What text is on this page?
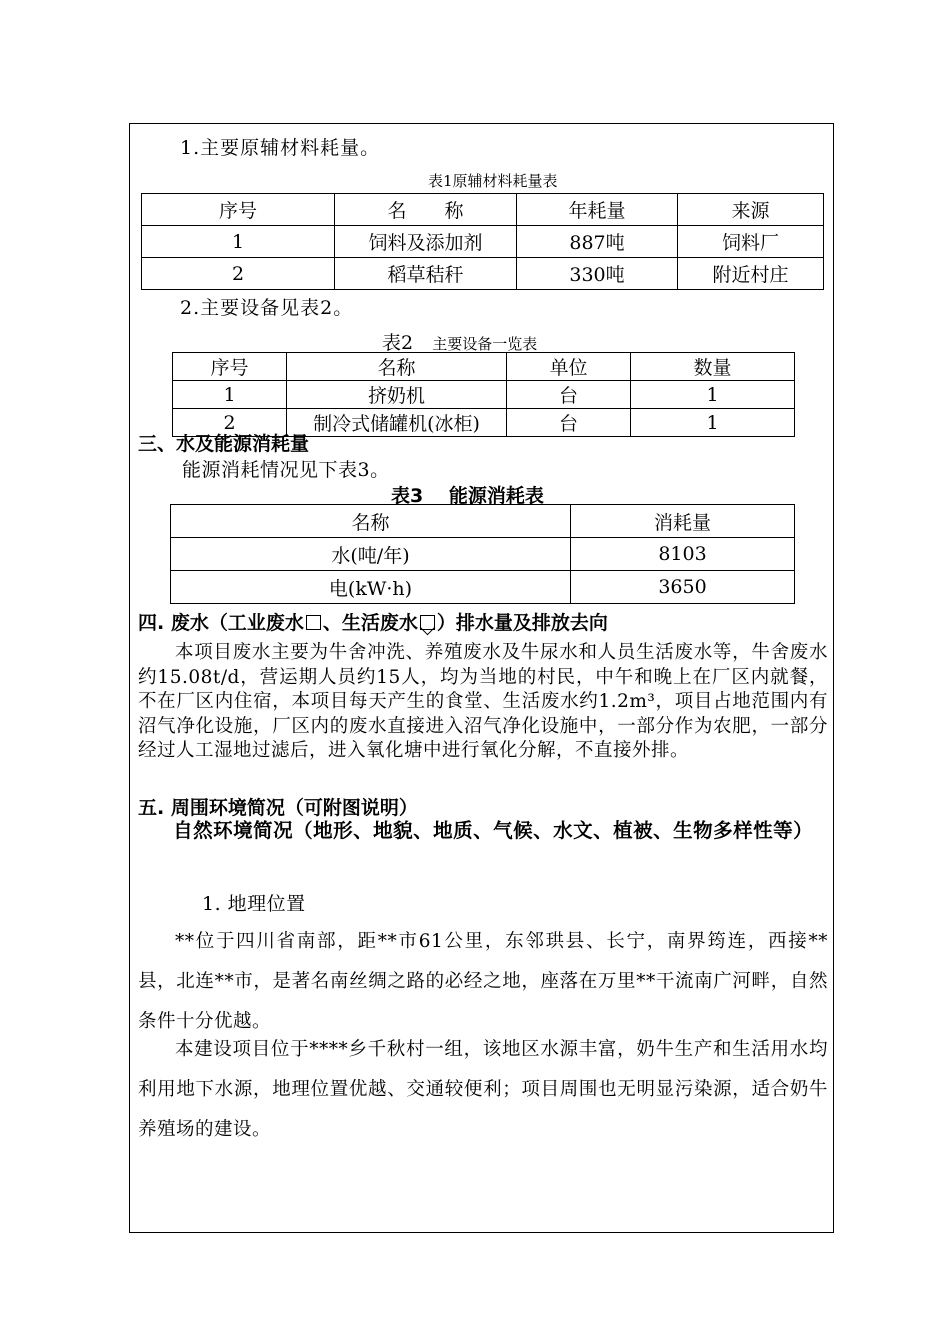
1.主要原辅材料耗量。
表1原辅材料耗量表
序号	名　　称	年耗量	来源
1	饲料及添加剂	887吨	饲料厂
2	稻草秸秆	330吨	附近村庄
2.主要设备见表2。
表2 主要设备一览表
序号	名称	单位	数量
1	挤奶机	台	1
2	制冷式储罐机(冰柜)	台	1
三、水及能源消耗量
能源消耗情况见下表3。
表3　 能源消耗表
名称	消耗量
水(吨/年)	8103
电(kW·h)	3650
四. 废水（工业废水 、生活废水 ）排水量及排放去向
本项目废水主要为牛舍冲洗、养殖废水及牛尿水和人员生活废水等，牛舍废水约15.08t/d，营运期人员约15人，均为当地的村民，中午和晚上在厂区内就餐，不在厂区内住宿，本项目每天产生的食堂、生活废水约1.2m³，项目占地范围内有沼气净化设施，厂区内的废水直接进入沼气净化设施中，一部分作为农肥，一部分经过人工湿地过滤后，进入氧化塘中进行氧化分解，不直接外排。
五. 周围环境简况（可附图说明）
自然环境简况（地形、地貌、地质、气候、水文、植被、生物多样性等）
1. 地理位置
**位于四川省南部，距**市61公里，东邻珙县、长宁，南界筠连，西接**县，北连**市，是著名南丝绸之路的必经之地，座落在万里**干流南广河畔，自然条件十分优越。
本建设项目位于****乡千秋村一组，该地区水源丰富，奶牛生产和生活用水均利用地下水源，地理位置优越、交通较便利；项目周围也无明显污染源，适合奶牛养殖场的建设。
